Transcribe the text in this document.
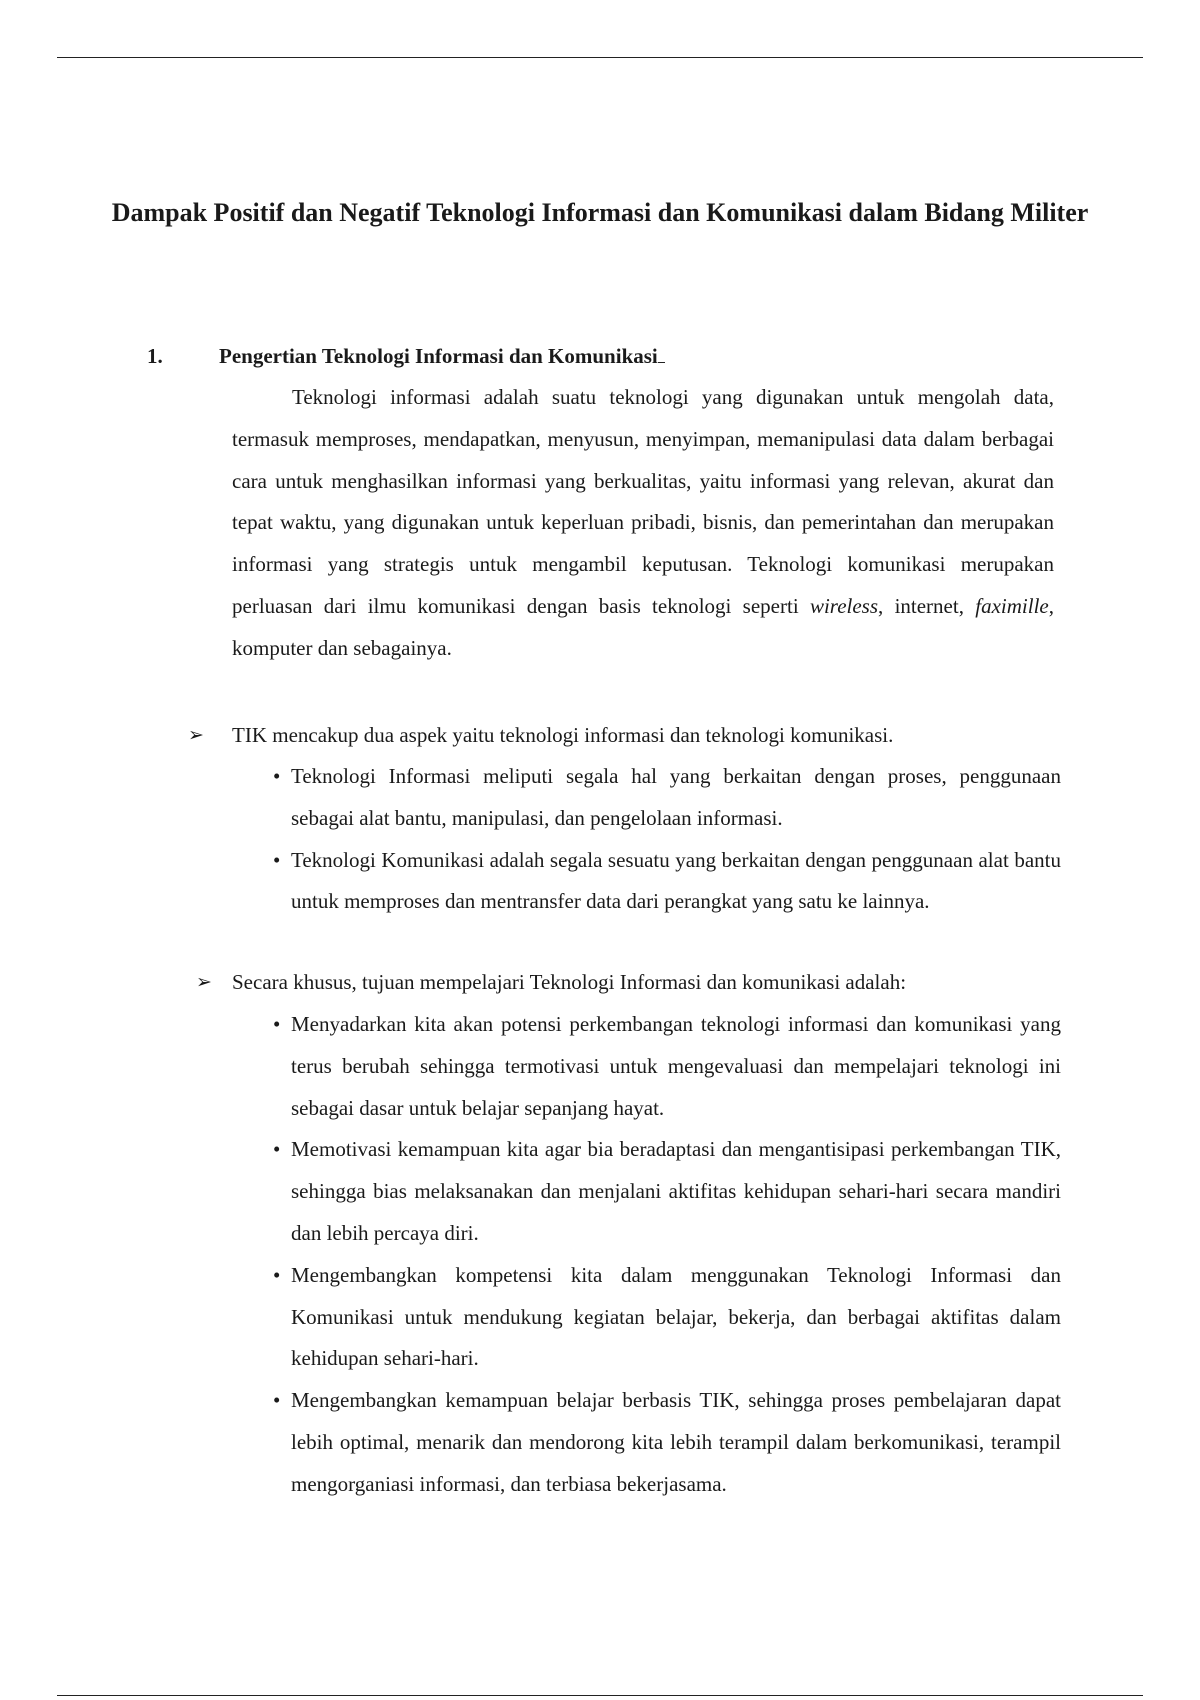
Dampak Positif dan Negatif Teknologi Informasi dan Komunikasi dalam Bidang Militer
1.	Pengertian Teknologi Informasi dan Komunikasi

Teknologi informasi adalah suatu teknologi yang digunakan untuk mengolah data, termasuk memproses, mendapatkan, menyusun, menyimpan, memanipulasi data dalam berbagai cara untuk menghasilkan informasi yang berkualitas, yaitu informasi yang relevan, akurat dan tepat waktu, yang digunakan untuk keperluan pribadi, bisnis, dan pemerintahan dan merupakan informasi yang strategis untuk mengambil keputusan. Teknologi komunikasi merupakan perluasan dari ilmu komunikasi dengan basis teknologi seperti wireless, internet, faximille, komputer dan sebagainya.

➢ TIK mencakup dua aspek yaitu teknologi informasi dan teknologi komunikasi.
• Teknologi Informasi meliputi segala hal yang berkaitan dengan proses, penggunaan sebagai alat bantu, manipulasi, dan pengelolaan informasi.
• Teknologi Komunikasi adalah segala sesuatu yang berkaitan dengan penggunaan alat bantu untuk memproses dan mentransfer data dari perangkat yang satu ke lainnya.
➢ Secara khusus, tujuan mempelajari Teknologi Informasi dan komunikasi adalah:
• Menyadarkan kita akan potensi perkembangan teknologi informasi dan komunikasi yang terus berubah sehingga termotivasi untuk mengevaluasi dan mempelajari teknologi ini sebagai dasar untuk belajar sepanjang hayat.
• Memotivasi kemampuan kita agar bia beradaptasi dan mengantisipasi perkembangan TIK, sehingga bias melaksanakan dan menjalani aktifitas kehidupan sehari-hari secara mandiri dan lebih percaya diri.
• Mengembangkan kompetensi kita dalam menggunakan Teknologi Informasi dan Komunikasi untuk mendukung kegiatan belajar, bekerja, dan berbagai aktifitas dalam kehidupan sehari-hari.
• Mengembangkan kemampuan belajar berbasis TIK, sehingga proses pembelajaran dapat lebih optimal, menarik dan mendorong kita lebih terampil dalam berkomunikasi, terampil mengorganiasi informasi, dan terbiasa bekerjasama.
